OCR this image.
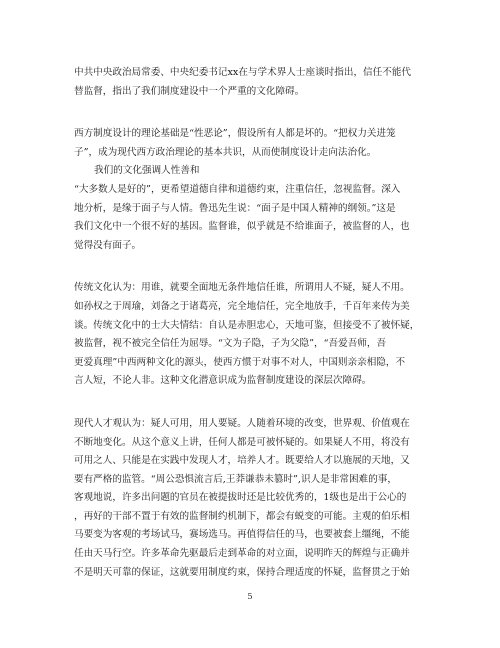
中共中央政治局常委、中央纪委书记xx在与学术界人士座谈时指出，信任不能代
替监督，指出了我们制度建设中一个严重的文化障碍。

西方制度设计的理论基础是“性恶论”，假设所有人都是坏的。“把权力关进笼
子”，成为现代西方政治理论的基本共识，从而使制度设计走向法治化。

我们的文化强调人性善和
“大多数人是好的”，更希望道德自律和道德约束，注重信任，忽视监督。深入
地分析，是缘于面子与人情。鲁迅先生说：“面子是中国人精神的纲领。”这是
我们文化中一个很不好的基因。监督谁，似乎就是不给谁面子，被监督的人，也
觉得没有面子。

传统文化认为：用谁，就要全面地无条件地信任谁，所谓用人不疑，疑人不用。
如孙权之于周瑜，刘备之于诸葛亮，完全地信任，完全地放手，千百年来传为美
谈。传统文化中的士大夫情结：自认是赤胆忠心，天地可鉴，但接受不了被怀疑，
被监督，视不被完全信任为屈辱。“文为子隐，子为父隐”，“吾爱吾师，吾
更爱真理”中西两种文化的源头，使西方惯于对事不对人，中国则亲亲相隐，不
言人短，不论人非。这种文化潜意识成为监督制度建设的深层次障碍。

现代人才观认为：疑人可用，用人要疑。人随着环境的改变，世界观、价值观在
不断地变化。从这个意义上讲，任何人都是可被怀疑的。如果疑人不用，将没有
可用之人、只能是在实践中发现人才，培养人才。既要给人才以施展的天地，又
要有严格的监管。“周公恐惧流言后,王莽谦恭未篡时”,识人是非常困难的事，
客观地说，许多出问题的官员在被提拔时还是比较优秀的，1级也是出于公心的
，再好的干部不置于有效的监督制约机制下，都会有蜕变的可能。主观的伯乐相
马要变为客观的考场试马，赛场选马。再值得信任的马，也要被套上缰绳，不能
任由天马行空。许多革命先驱最后走到革命的对立面，说明昨天的辉煌与正确并
不是明天可靠的保证，这就要用制度约束，保持合理适度的怀疑，监督贯之于始

5
